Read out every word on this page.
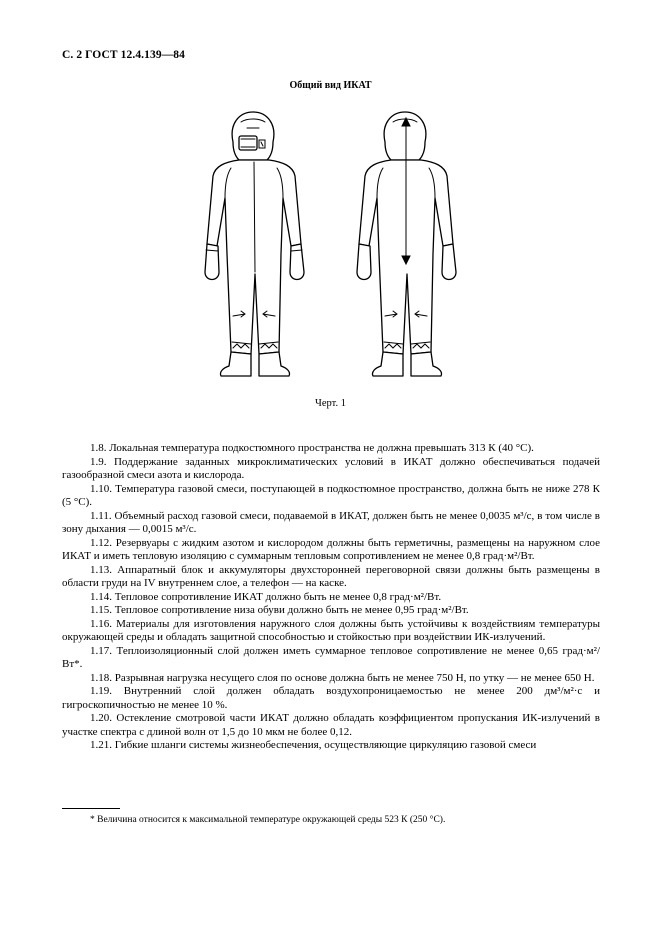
С. 2 ГОСТ 12.4.139—84
Общий вид ИКАТ
Черт. 1

1.8. Локальная температура подкостюмного пространства не должна превышать 313 К (40 °С).

1.9. Поддержание заданных микроклиматических условий в ИКАТ должно обеспечиваться подачей газообразной смеси азота и кислорода.

1.10. Температура газовой смеси, поступающей в подкостюмное пространство, должна быть не ниже 278 К (5 °С).

1.11. Объемный расход газовой смеси, подаваемой в ИКАТ, должен быть не менее 0,0035 м³/с, в том числе в зону дыхания — 0,0015 м³/с.

1.12. Резервуары с жидким азотом и кислородом должны быть герметичны, размещены на наружном слое ИКАТ и иметь тепловую изоляцию с суммарным тепловым сопротивлением не менее 0,8 град·м²/Вт.

1.13. Аппаратный блок и аккумуляторы двухсторонней переговорной связи должны быть размещены в области груди на IV внутреннем слое, а телефон — на каске.

1.14. Тепловое сопротивление ИКАТ должно быть не менее 0,8 град·м²/Вт.

1.15. Тепловое сопротивление низа обуви должно быть не менее 0,95 град·м²/Вт.

1.16. Материалы для изготовления наружного слоя должны быть устойчивы к воздействиям температуры окружающей среды и обладать защитной способностью и стойкостью при воздействии ИК-излучений.

1.17. Теплоизоляционный слой должен иметь суммарное тепловое сопротивление не менее 0,65 град·м²/Вт*.

1.18. Разрывная нагрузка несущего слоя по основе должна быть не менее 750 Н, по утку — не менее 650 Н.

1.19. Внутренний слой должен обладать воздухопроницаемостью не менее 200 дм³/м²·с и гигроскопичностью не менее 10 %.

1.20. Остекление смотровой части ИКАТ должно обладать коэффициентом пропускания ИК-излучений в участке спектра с длиной волн от 1,5 до 10 мкм не более 0,12.

1.21. Гибкие шланги системы жизнеобеспечения, осуществляющие циркуляцию газовой смеси

* Величина относится к максимальной температуре окружающей среды 523 К (250 °С).
